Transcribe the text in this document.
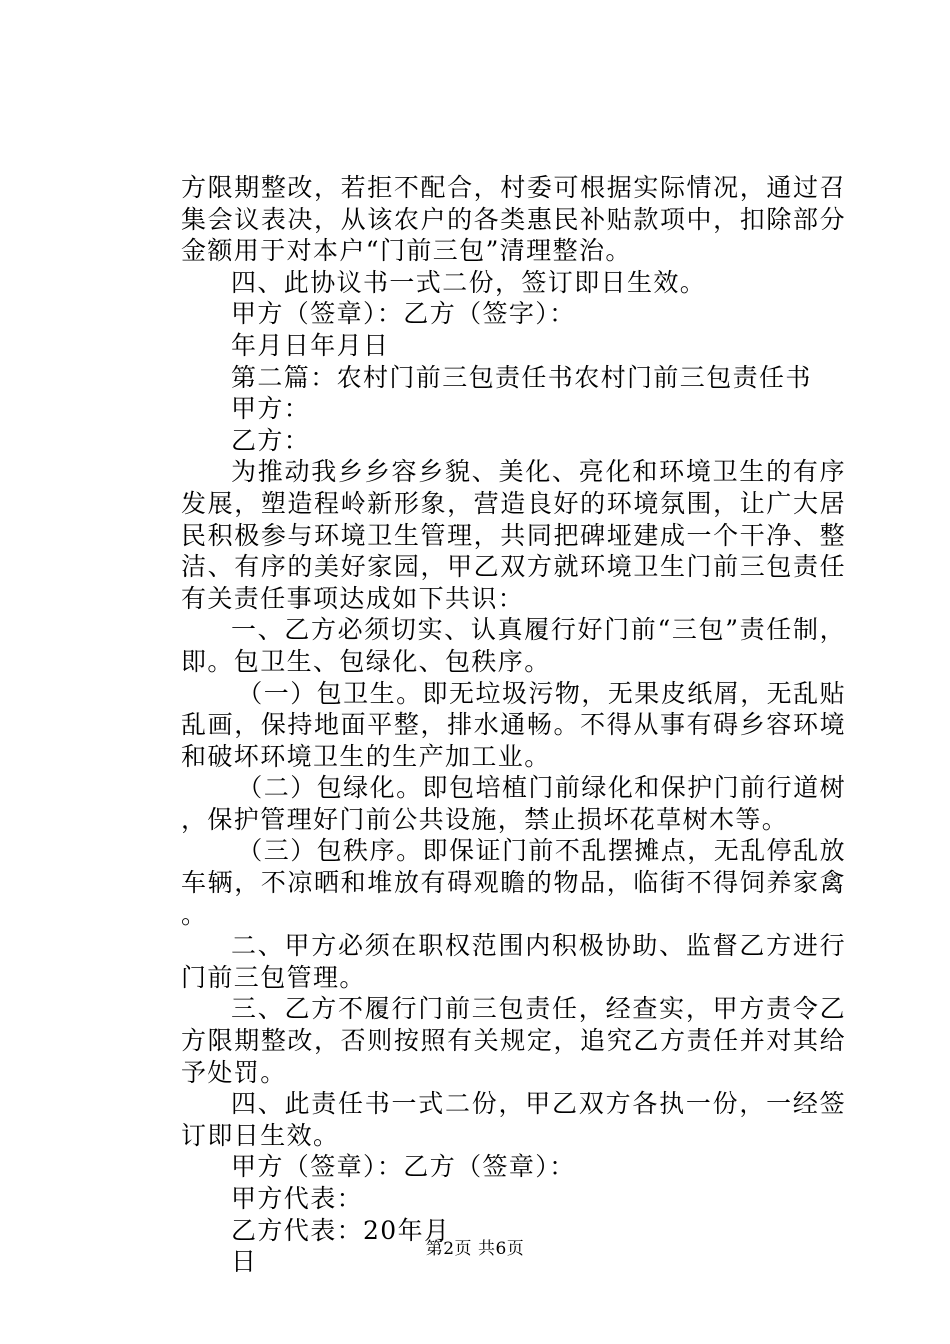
方限期整改，若拒不配合，村委可根据实际情况，通过召集会议表决，从该农户的各类惠民补贴款项中，扣除部分金额用于对本户“门前三包”清理整治。

四、此协议书一式二份，签订即日生效。

甲方（签章）：乙方（签字）：

年月日年月日

第二篇：农村门前三包责任书农村门前三包责任书

甲方：

乙方：

为推动我乡乡容乡貌、美化、亮化和环境卫生的有序发展，塑造程岭新形象，营造良好的环境氛围，让广大居民积极参与环境卫生管理，共同把碑垭建成一个干净、整洁、有序的美好家园，甲乙双方就环境卫生门前三包责任有关责任事项达成如下共识：

一、乙方必须切实、认真履行好门前“三包”责任制，即。包卫生、包绿化、包秩序。

（一）包卫生。即无垃圾污物，无果皮纸屑，无乱贴乱画，保持地面平整，排水通畅。不得从事有碍乡容环境和破坏环境卫生的生产加工业。

（二）包绿化。即包培植门前绿化和保护门前行道树，保护管理好门前公共设施，禁止损坏花草树木等。

（三）包秩序。即保证门前不乱摆摊点，无乱停乱放车辆，不凉晒和堆放有碍观瞻的物品，临街不得饲养家禽。

二、甲方必须在职权范围内积极协助、监督乙方进行门前三包管理。

三、乙方不履行门前三包责任，经查实，甲方责令乙方限期整改，否则按照有关规定，追究乙方责任并对其给予处罚。

四、此责任书一式二份，甲乙双方各执一份，一经签订即日生效。

甲方（签章）：乙方（签章）：

甲方代表：

乙方代表：20年月

日	第2页 共6页
